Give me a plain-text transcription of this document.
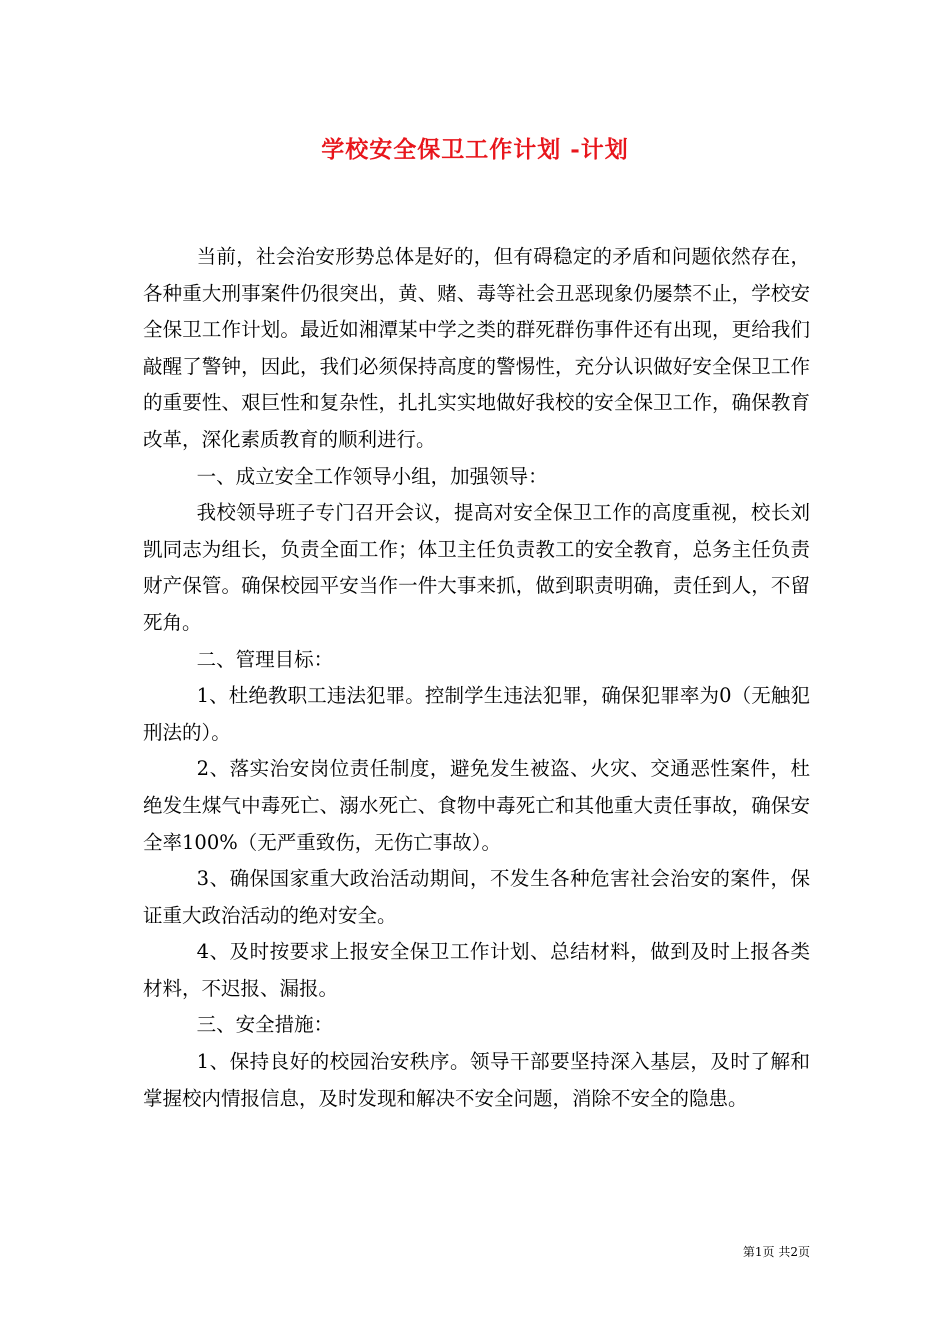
学校安全保卫工作计划 -计划

当前，社会治安形势总体是好的，但有碍稳定的矛盾和问题依然存在，各种重大刑事案件仍很突出，黄、赌、毒等社会丑恶现象仍屡禁不止，学校安全保卫工作计划。最近如湘潭某中学之类的群死群伤事件还有出现，更给我们敲醒了警钟，因此，我们必须保持高度的警惕性，充分认识做好安全保卫工作的重要性、艰巨性和复杂性，扎扎实实地做好我校的安全保卫工作，确保教育改革，深化素质教育的顺利进行。

一、成立安全工作领导小组，加强领导：

我校领导班子专门召开会议，提高对安全保卫工作的高度重视，校长刘凯同志为组长，负责全面工作；体卫主任负责教工的安全教育，总务主任负责财产保管。确保校园平安当作一件大事来抓，做到职责明确，责任到人，不留死角。

二、管理目标：

1、杜绝教职工违法犯罪。控制学生违法犯罪，确保犯罪率为0（无触犯刑法的）。

2、落实治安岗位责任制度，避免发生被盗、火灾、交通恶性案件，杜绝发生煤气中毒死亡、溺水死亡、食物中毒死亡和其他重大责任事故，确保安全率100%（无严重致伤，无伤亡事故）。

3、确保国家重大政治活动期间，不发生各种危害社会治安的案件，保证重大政治活动的绝对安全。

4、及时按要求上报安全保卫工作计划、总结材料，做到及时上报各类材料，不迟报、漏报。

三、安全措施：

1、保持良好的校园治安秩序。领导干部要坚持深入基层，及时了解和掌握校内情报信息，及时发现和解决不安全问题，消除不安全的隐患。

第1页 共2页
